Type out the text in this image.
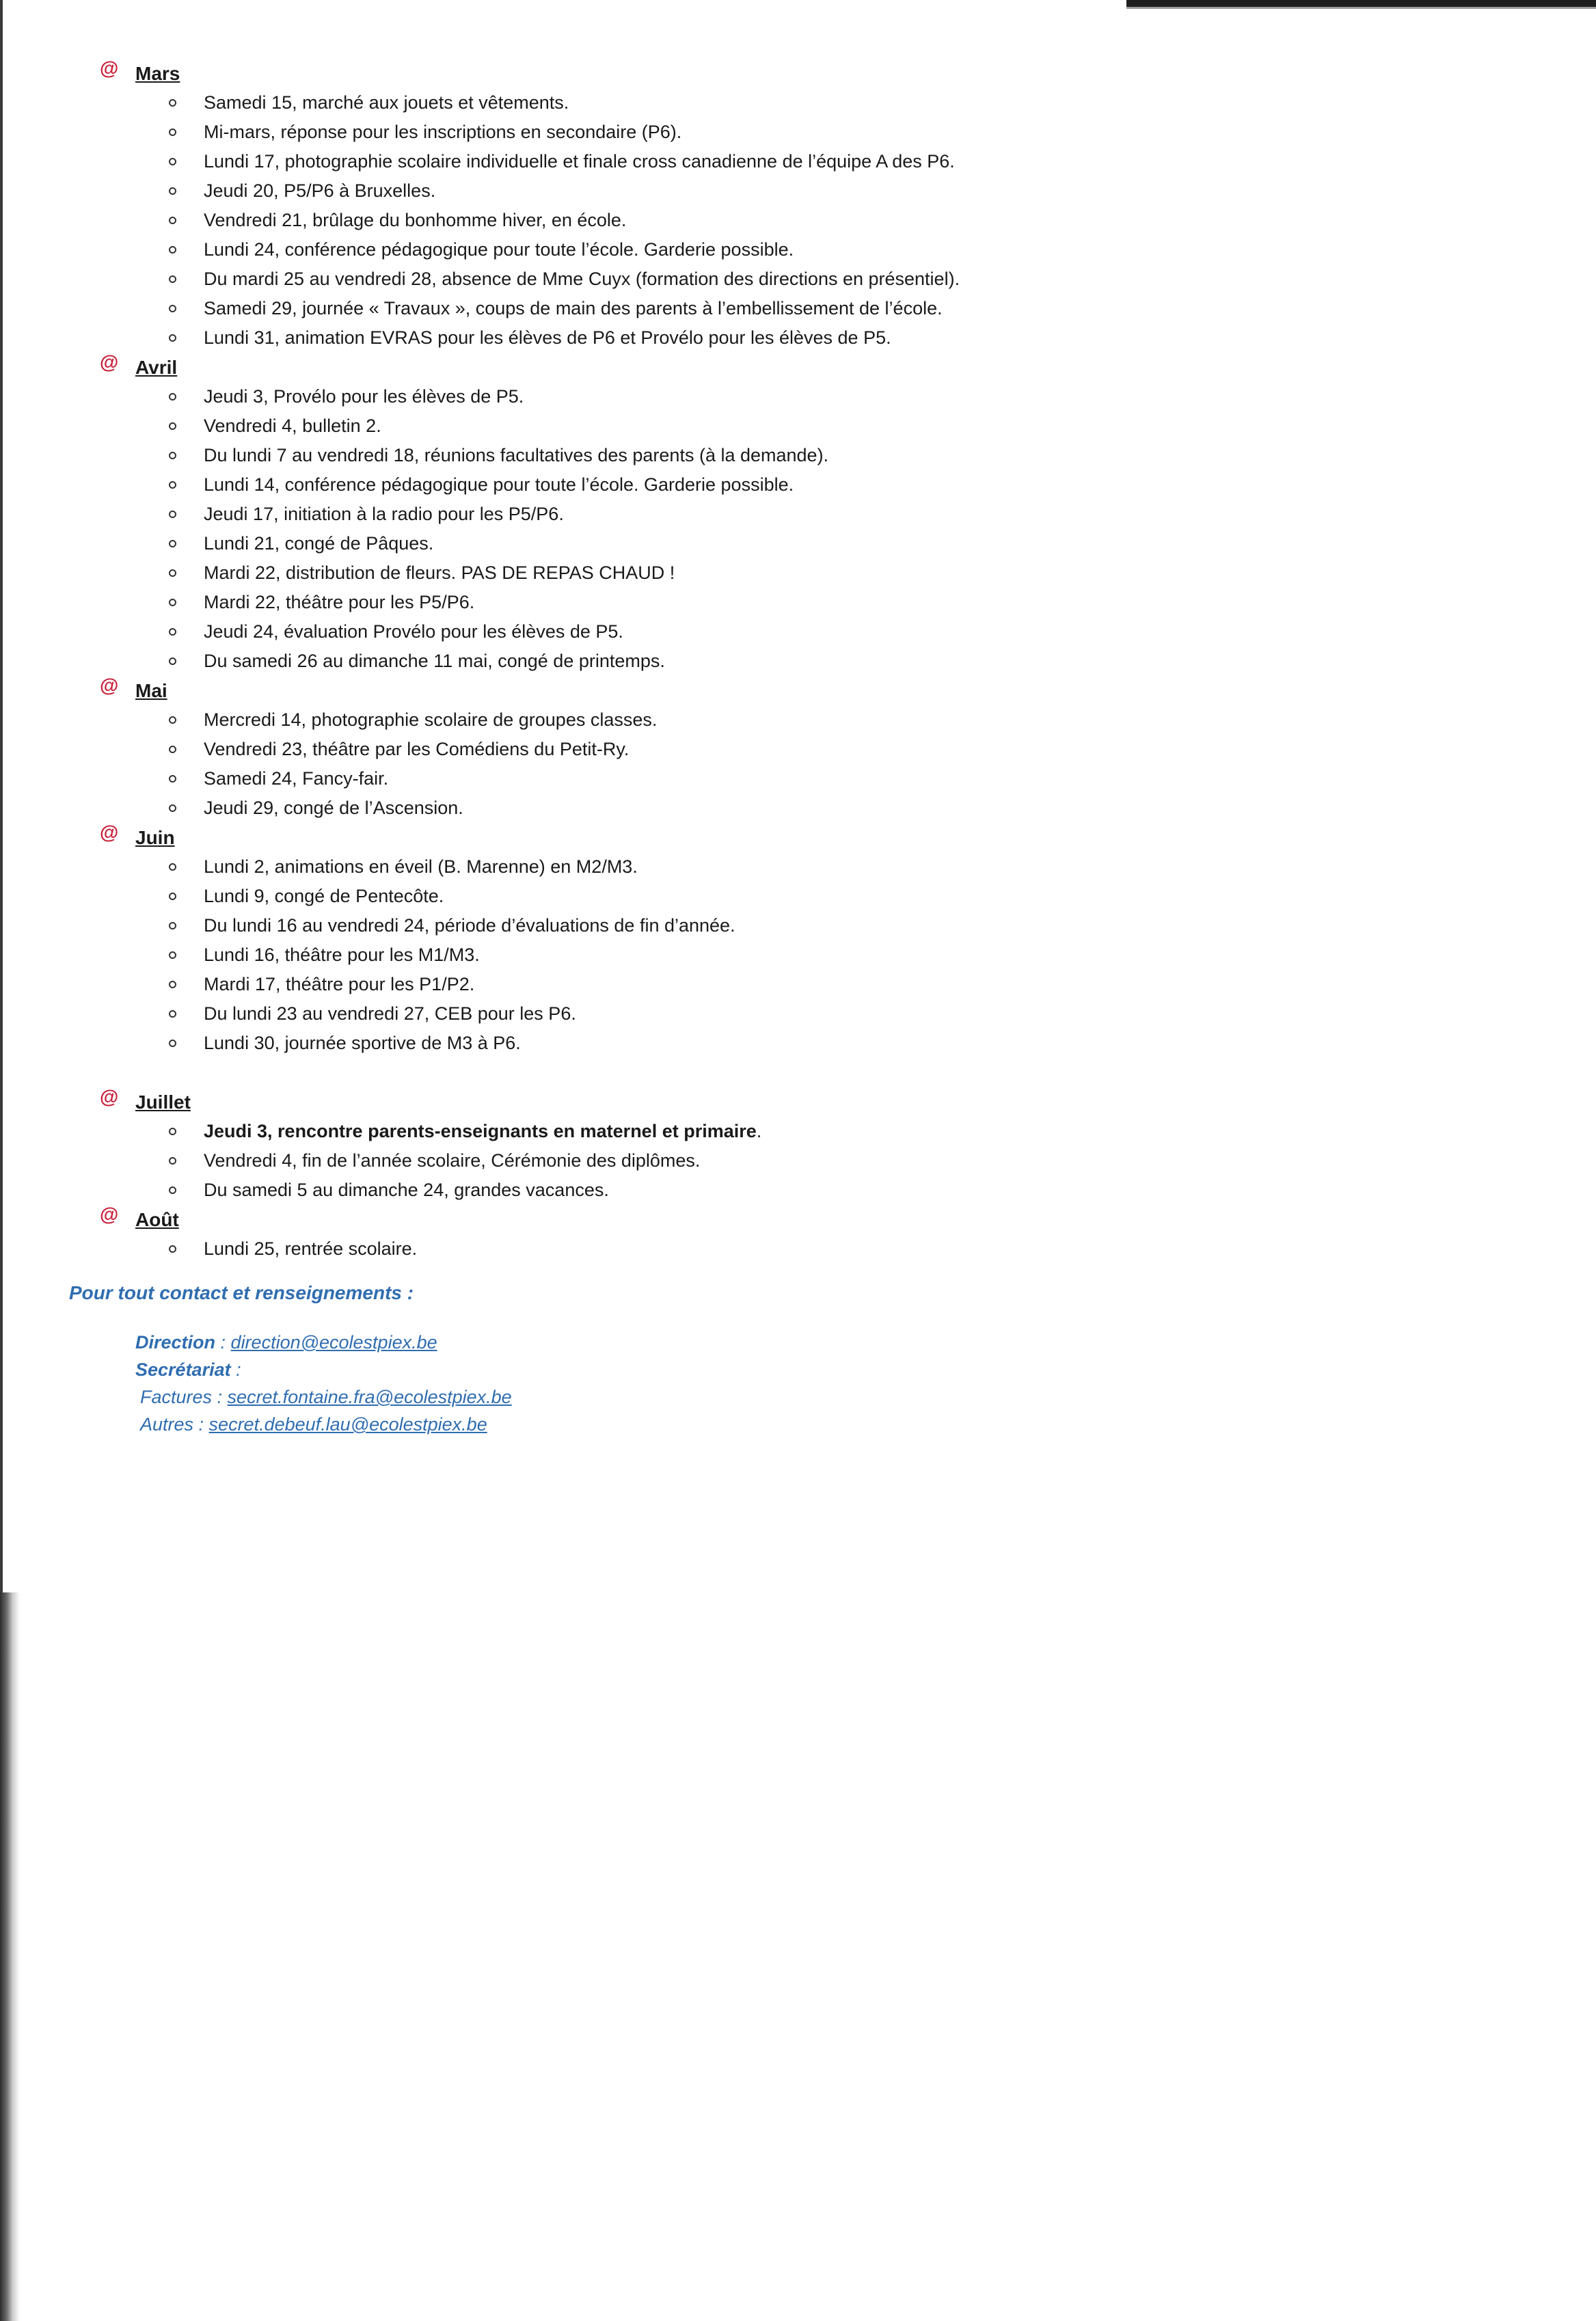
@ Mars
Samedi 15, marché aux jouets et vêtements.
Mi-mars, réponse pour les inscriptions en secondaire (P6).
Lundi 17, photographie scolaire individuelle et finale cross canadienne de l’équipe A des P6.
Jeudi 20, P5/P6 à Bruxelles.
Vendredi 21, brûlage du bonhomme hiver, en école.
Lundi 24, conférence pédagogique pour toute l’école. Garderie possible.
Du mardi 25 au vendredi 28, absence de Mme Cuyx (formation des directions en présentiel).
Samedi 29, journée « Travaux », coups de main des parents à l’embellissement de l’école.
Lundi 31, animation EVRAS pour les élèves de P6 et Provélo pour les élèves de P5.
@ Avril
Jeudi 3, Provélo pour les élèves de P5.
Vendredi 4, bulletin 2.
Du lundi 7 au vendredi 18, réunions facultatives des parents (à la demande).
Lundi 14, conférence pédagogique pour toute l’école. Garderie possible.
Jeudi 17, initiation à la radio pour les P5/P6.
Lundi 21, congé de Pâques.
Mardi 22, distribution de fleurs. PAS DE REPAS CHAUD !
Mardi 22, théâtre pour les P5/P6.
Jeudi 24, évaluation Provélo pour les élèves de P5.
Du samedi 26 au dimanche 11 mai, congé de printemps.
@ Mai
Mercredi 14, photographie scolaire de groupes classes.
Vendredi 23, théâtre par les Comédiens du Petit-Ry.
Samedi 24, Fancy-fair.
Jeudi 29, congé de l’Ascension.
@ Juin
Lundi 2, animations en éveil (B. Marenne) en M2/M3.
Lundi 9, congé de Pentecôte.
Du lundi 16 au vendredi 24, période d’évaluations de fin d’année.
Lundi 16, théâtre pour les M1/M3.
Mardi 17, théâtre pour les P1/P2.
Du lundi 23 au vendredi 27, CEB pour les P6.
Lundi 30, journée sportive de M3 à P6.
@ Juillet
Jeudi 3, rencontre parents-enseignants en maternel et primaire.
Vendredi 4, fin de l’année scolaire, Cérémonie des diplômes.
Du samedi 5 au dimanche 24, grandes vacances.
@ Août
Lundi 25, rentrée scolaire.
Pour tout contact et renseignements :
Direction : direction@ecolestpiex.be
Secrétariat :
Factures : secret.fontaine.fra@ecolestpiex.be
Autres : secret.debeuf.lau@ecolestpiex.be
